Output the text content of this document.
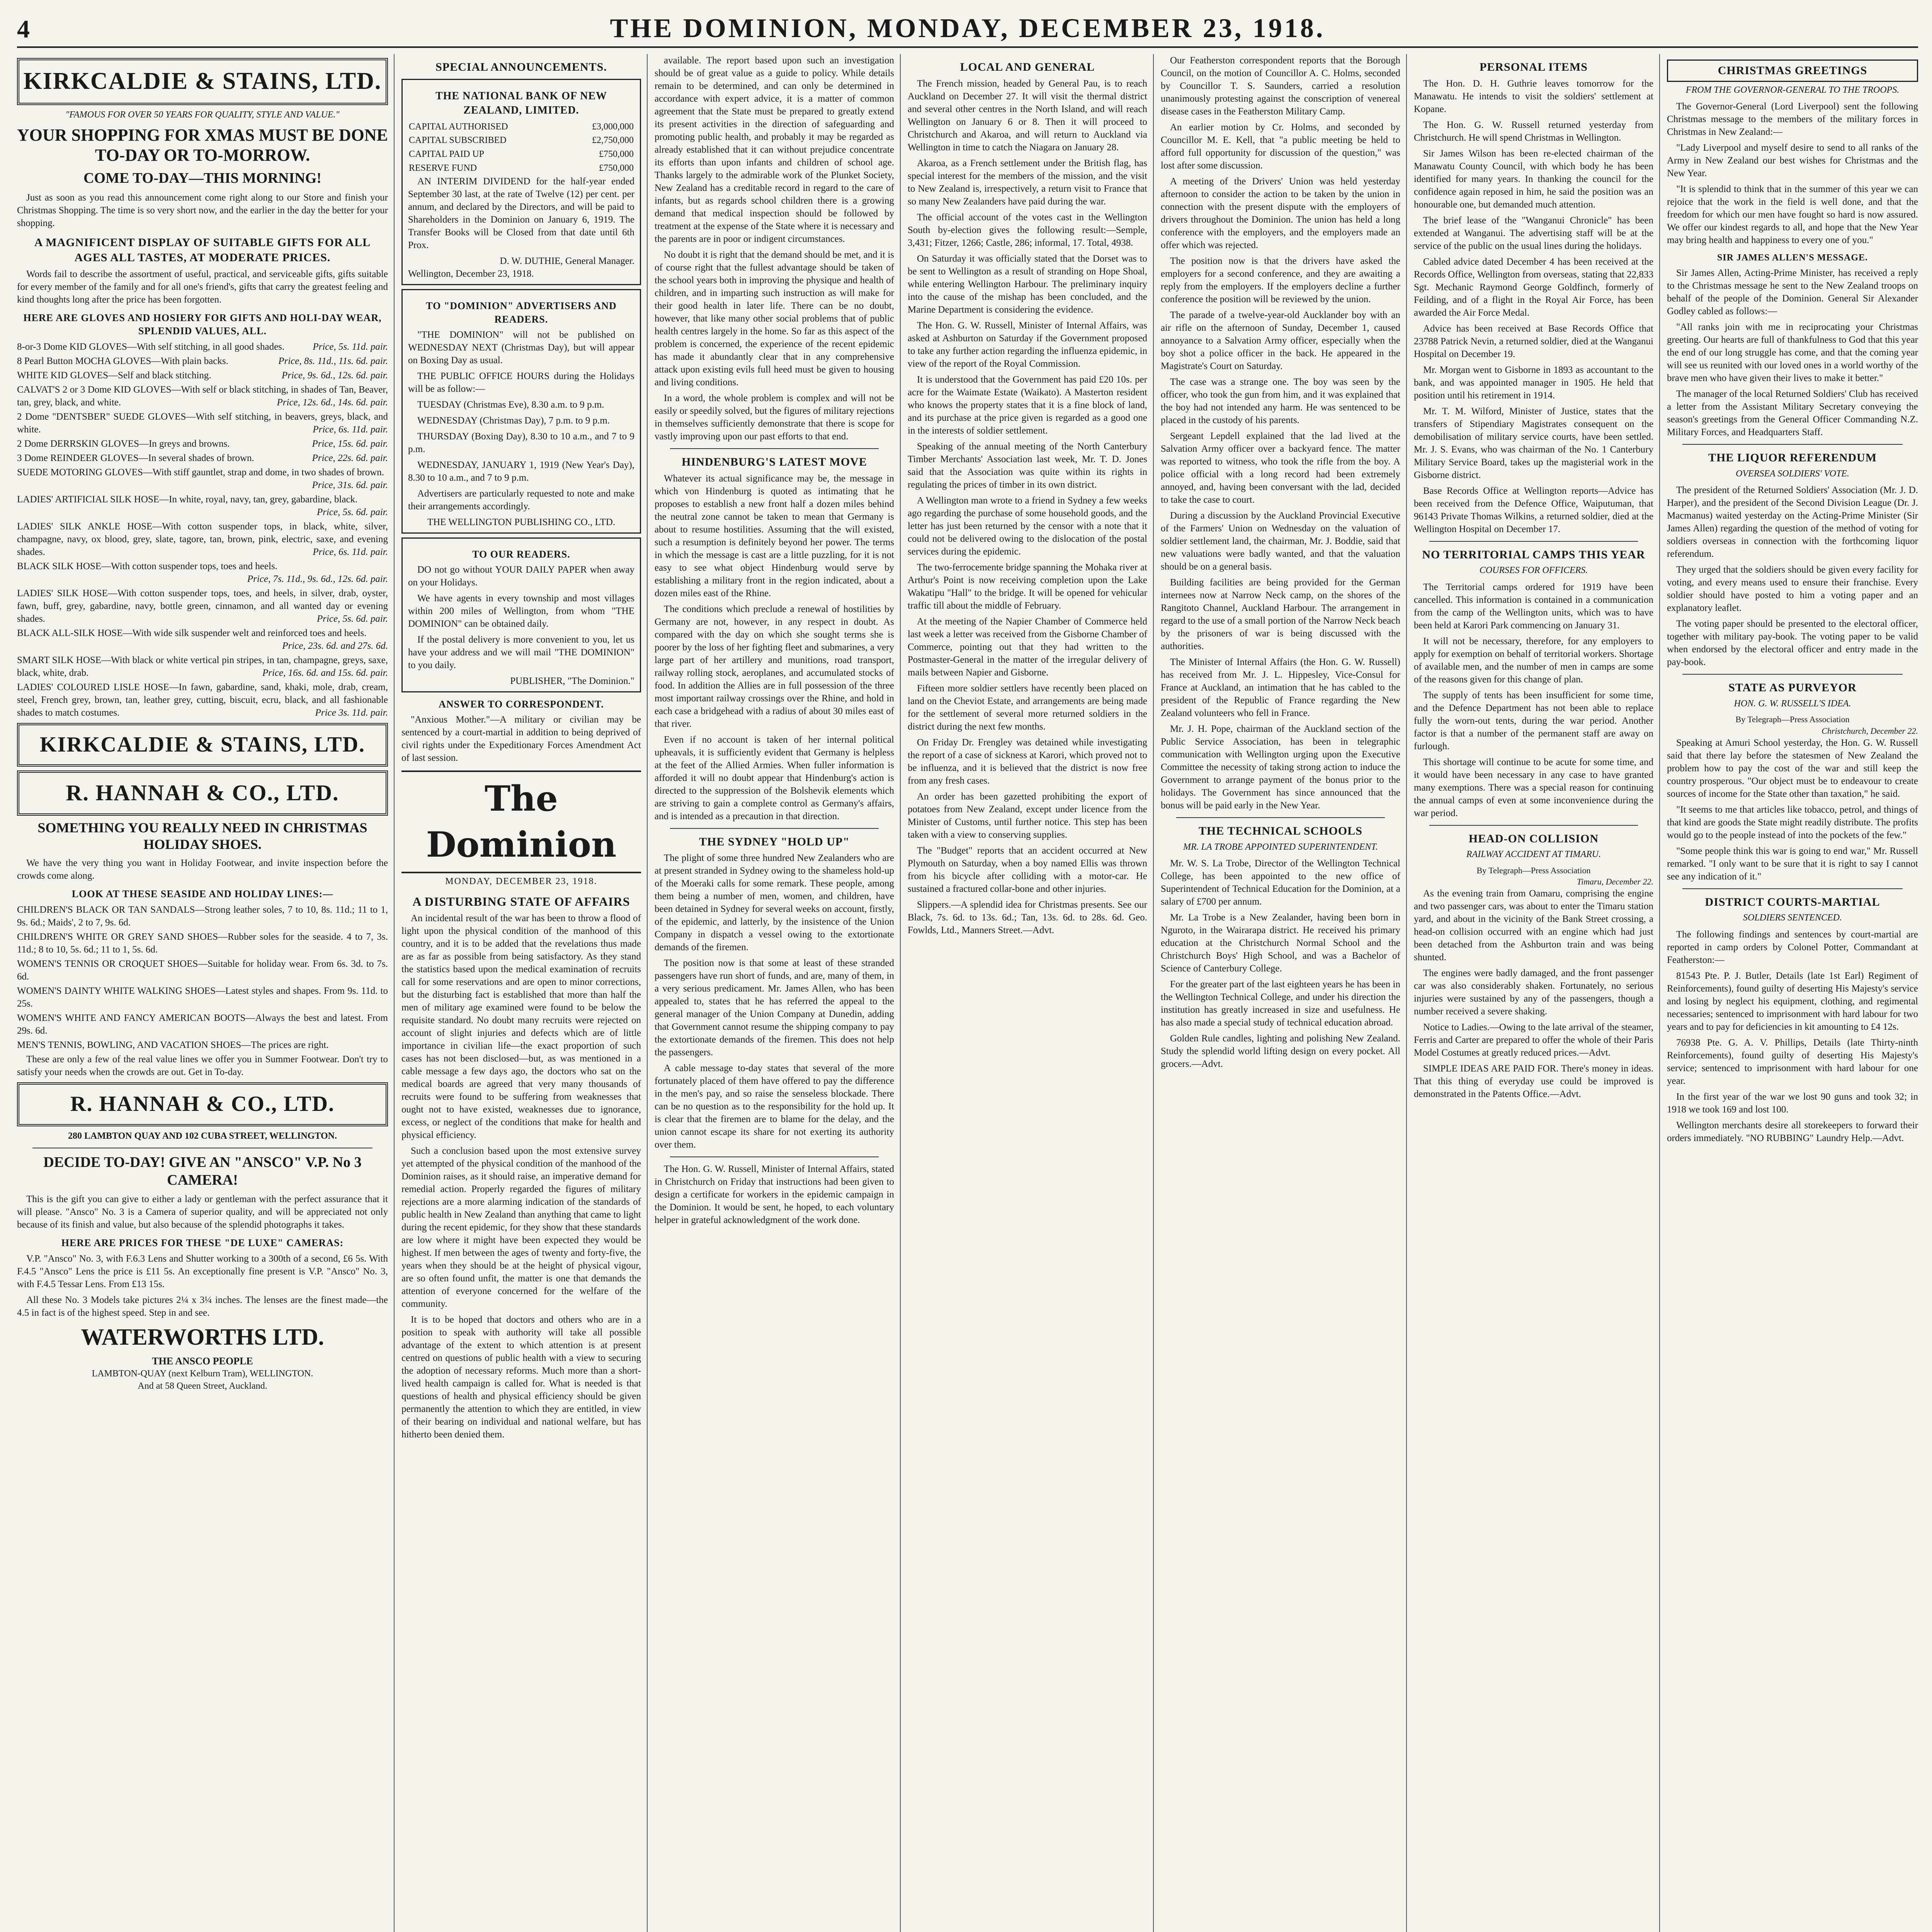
4	THE DOMINION, MONDAY, DECEMBER 23, 1918.
KIRKCALDIE & STAINS, LTD.
"FAMOUS FOR OVER 50 YEARS FOR QUALITY, STYLE AND VALUE."
YOUR SHOPPING FOR XMAS MUST BE DONE TO-DAY OR TO-MORROW.
COME TO-DAY—THIS MORNING!

Just as soon as you read this announcement come right along to our Store and finish your Christmas Shopping. The time is so very short now, and the earlier in the day the better for your shopping.

A MAGNIFICENT DISPLAY OF SUITABLE GIFTS FOR ALL AGES ALL TASTES, AT MODERATE PRICES.

Words fail to describe the assortment of useful, practical, and serviceable gifts, gifts suitable for every member of the family and for all one's friend's, gifts that carry the greatest feeling and kind thoughts long after the price has been forgotten.

HERE ARE GLOVES AND HOSIERY FOR GIFTS AND HOLI-DAY WEAR, SPLENDID VALUES, ALL.
8-or-3 Dome KID GLOVES—With self stitching, in all good shades.	Price, 5s. 11d. pair.
8 Pearl Button MOCHA GLOVES—With plain backs.	Price, 8s. 11d., 11s. 6d. pair.
WHITE KID GLOVES—Self and black stitching.	Price, 9s. 6d., 12s. 6d. pair.
CALVAT'S 2 or 3 Dome KID GLOVES—With self or black stitching, in shades of Tan, Beaver, tan, grey, black, and white.	Price, 12s. 6d., 14s. 6d. pair.
2 Dome "DENTSBER" SUEDE GLOVES—With self stitching, in beavers, greys, black, and white.	Price, 6s. 11d. pair.
2 Dome DERRSKIN GLOVES—In greys and browns.	Price, 15s. 6d. pair.
3 Dome REINDEER GLOVES—In several shades of brown.	Price, 22s. 6d. pair.
SUEDE MOTORING GLOVES—With stiff gauntlet, strap and dome, in two shades of brown.
Price, 31s. 6d. pair.
LADIES' ARTIFICIAL SILK HOSE—In white, royal, navy, tan, grey, gabardine, black.
Price, 5s. 6d. pair.
LADIES' SILK ANKLE HOSE—With cotton suspender tops, in black, white, silver, champagne, navy, ox blood, grey, slate, tagore, tan, brown, pink, electric, saxe, and evening shades.	Price, 6s. 11d. pair.
BLACK SILK HOSE—With cotton suspender tops, toes and heels.
Price, 7s. 11d., 9s. 6d., 12s. 6d. pair.
LADIES' SILK HOSE—With cotton suspender tops, toes, and heels, in silver, drab, oyster, fawn, buff, grey, gabardine, navy, bottle green, cinnamon, and all wanted day or evening shades.	Price, 5s. 6d. pair.
BLACK ALL-SILK HOSE—With wide silk suspender welt and reinforced toes and heels.
Price, 23s. 6d. and 27s. 6d.
SMART SILK HOSE—With black or white vertical pin stripes, in tan, champagne, greys, saxe, black, white, drab.	Price, 16s. 6d. and 15s. 6d. pair.
LADIES' COLOURED LISLE HOSE—In fawn, gabardine, sand, khaki, mole, drab, cream, steel, French grey, brown, tan, leather grey, cutting, biscuit, ecru, black, and all fashionable shades to match costumes.	Price 3s. 11d. pair.
KIRKCALDIE & STAINS, LTD.
R. HANNAH & CO., LTD.
SOMETHING YOU REALLY NEED IN CHRISTMAS HOLIDAY SHOES.

We have the very thing you want in Holiday Footwear, and invite inspection before the crowds come along.

LOOK AT THESE SEASIDE AND HOLIDAY LINES:—
CHILDREN'S BLACK OR TAN SANDALS—Strong leather soles, 7 to 10, 8s. 11d.; 11 to 1, 9s. 6d.; Maids', 2 to 7, 9s. 6d.
CHILDREN'S WHITE OR GREY SAND SHOES—Rubber soles for the seaside. 4 to 7, 3s. 11d.; 8 to 10, 5s. 6d.; 11 to 1, 5s. 6d.
WOMEN'S TENNIS OR CROQUET SHOES—Suitable for holiday wear. From 6s. 3d. to 7s. 6d.
WOMEN'S DAINTY WHITE WALKING SHOES—Latest styles and shapes. From 9s. 11d. to 25s.
WOMEN'S WHITE AND FANCY AMERICAN BOOTS—Always the best and latest. From 29s. 6d.
MEN'S TENNIS, BOWLING, AND VACATION SHOES—The prices are right.

These are only a few of the real value lines we offer you in Summer Footwear. Don't try to satisfy your needs when the crowds are out. Get in To-day.

R. HANNAH & CO., LTD.
280 LAMBTON QUAY AND 102 CUBA STREET, WELLINGTON.
DECIDE TO-DAY! GIVE AN "ANSCO" V.P. No 3 CAMERA!

This is the gift you can give to either a lady or gentleman with the perfect assurance that it will please. "Ansco" No. 3 is a Camera of superior quality, and will be appreciated not only because of its finish and value, but also because of the splendid photographs it takes.

HERE ARE PRICES FOR THESE "DE LUXE" CAMERAS:

V.P. "Ansco" No. 3, with F.6.3 Lens and Shutter working to a 300th of a second, £6 5s. With F.4.5 "Ansco" Lens the price is £11 5s. An exceptionally fine present is V.P. "Ansco" No. 3, with F.4.5 Tessar Lens. From £13 15s.

All these No. 3 Models take pictures 2¼ x 3¼ inches. The lenses are the finest made—the 4.5 in fact is of the highest speed. Step in and see.

WATERWORTHS LTD.
THE ANSCO PEOPLE
LAMBTON-QUAY (next Kelburn Tram), WELLINGTON.
And at 58 Queen Street, Auckland.

SPECIAL ANNOUNCEMENTS.
THE NATIONAL BANK OF NEW ZEALAND, LIMITED.
CAPITAL AUTHORISED	£3,000,000
CAPITAL SUBSCRIBED	£2,750,000
CAPITAL PAID UP	£750,000
RESERVE FUND	£750,000

AN INTERIM DIVIDEND for the half-year ended September 30 last, at the rate of Twelve (12) per cent. per annum, and declared by the Directors, and will be paid to Shareholders in the Dominion on January 6, 1919. The Transfer Books will be Closed from that date until 6th Prox.

D. W. DUTHIE, General Manager.
Wellington, December 23, 1918.
TO "DOMINION" ADVERTISERS AND READERS.

"THE DOMINION" will not be published on WEDNESDAY NEXT (Christmas Day), but will appear on Boxing Day as usual.

THE PUBLIC OFFICE HOURS during the Holidays will be as follow:—

TUESDAY (Christmas Eve), 8.30 a.m. to 9 p.m.

WEDNESDAY (Christmas Day), 7 p.m. to 9 p.m.

THURSDAY (Boxing Day), 8.30 to 10 a.m., and 7 to 9 p.m.

WEDNESDAY, JANUARY 1, 1919 (New Year's Day), 8.30 to 10 a.m., and 7 to 9 p.m.

Advertisers are particularly requested to note and make their arrangements accordingly.

THE WELLINGTON PUBLISHING CO., LTD.
TO OUR READERS.

DO not go without YOUR DAILY PAPER when away on your Holidays.

We have agents in every township and most villages within 200 miles of Wellington, from whom "THE DOMINION" can be obtained daily.

If the postal delivery is more convenient to you, let us have your address and we will mail "THE DOMINION" to you daily.

PUBLISHER, "The Dominion."
ANSWER TO CORRESPONDENT.

"Anxious Mother."—A military or civilian may be sentenced by a court-martial in addition to being deprived of civil rights under the Expeditionary Forces Amendment Act of last session.

The Dominion
MONDAY, DECEMBER 23, 1918.
A DISTURBING STATE OF AFFAIRS

An incidental result of the war has been to throw a flood of light upon the physical condition of the manhood of this country, and it is to be added that the revelations thus made are as far as possible from being satisfactory. As they stand the statistics based upon the medical examination of recruits call for some reservations and are open to minor corrections, but the disturbing fact is established that more than half the men of military age examined were found to be below the requisite standard. No doubt many recruits were rejected on account of slight injuries and defects which are of little importance in civilian life—the exact proportion of such cases has not been disclosed—but, as was mentioned in a cable message a few days ago, the doctors who sat on the medical boards are agreed that very many thousands of recruits were found to be suffering from weaknesses that ought not to have existed, weaknesses due to ignorance, excess, or neglect of the conditions that make for health and physical efficiency.

Such a conclusion based upon the most extensive survey yet attempted of the physical condition of the manhood of the Dominion raises, as it should raise, an imperative demand for remedial action. Properly regarded the figures of military rejections are a more alarming indication of the standards of public health in New Zealand than anything that came to light during the recent epidemic, for they show that these standards are low where it might have been expected they would be highest. If men between the ages of twenty and forty-five, the years when they should be at the height of physical vigour, are so often found unfit, the matter is one that demands the attention of everyone concerned for the welfare of the community.

It is to be hoped that doctors and others who are in a position to speak with authority will take all possible advantage of the extent to which attention is at present centred on questions of public health with a view to securing the adoption of necessary reforms. Much more than a short-lived health campaign is called for. What is needed is that questions of health and physical efficiency should be given permanently the attention to which they are entitled, in view of their bearing on individual and national welfare, but has hitherto been denied them.

available. The report based upon such an investigation should be of great value as a guide to policy. While details remain to be determined, and can only be determined in accordance with expert advice, it is a matter of common agreement that the State must be prepared to greatly extend its present activities in the direction of safeguarding and promoting public health, and probably it may be regarded as already established that it can without prejudice concentrate its efforts than upon infants and children of school age. Thanks largely to the admirable work of the Plunket Society, New Zealand has a creditable record in regard to the care of infants, but as regards school children there is a growing demand that medical inspection should be followed by treatment at the expense of the State where it is necessary and the parents are in poor or indigent circumstances.

No doubt it is right that the demand should be met, and it is of course right that the fullest advantage should be taken of the school years both in improving the physique and health of children, and in imparting such instruction as will make for their good health in later life. There can be no doubt, however, that like many other social problems that of public health centres largely in the home. So far as this aspect of the problem is concerned, the experience of the recent epidemic has made it abundantly clear that in any comprehensive attack upon existing evils full heed must be given to housing and living conditions.

In a word, the whole problem is complex and will not be easily or speedily solved, but the figures of military rejections in themselves sufficiently demonstrate that there is scope for vastly improving upon our past efforts to that end.

HINDENBURG'S LATEST MOVE

Whatever its actual significance may be, the message in which von Hindenburg is quoted as intimating that he proposes to establish a new front half a dozen miles behind the neutral zone cannot be taken to mean that Germany is about to resume hostilities. Assuming that the will existed, such a resumption is definitely beyond her power. The terms in which the message is cast are a little puzzling, for it is not easy to see what object Hindenburg would serve by establishing a military front in the region indicated, about a dozen miles east of the Rhine.

The conditions which preclude a renewal of hostilities by Germany are not, however, in any respect in doubt. As compared with the day on which she sought terms she is poorer by the loss of her fighting fleet and submarines, a very large part of her artillery and munitions, road transport, railway rolling stock, aeroplanes, and accumulated stocks of food. In addition the Allies are in full possession of the three most important railway crossings over the Rhine, and hold in each case a bridgehead with a radius of about 30 miles east of that river.

Even if no account is taken of her internal political upheavals, it is sufficiently evident that Germany is helpless at the feet of the Allied Armies. When fuller information is afforded it will no doubt appear that Hindenburg's action is directed to the suppression of the Bolshevik elements which are striving to gain a complete control as Germany's affairs, and is intended as a precaution in that direction.

THE SYDNEY "HOLD UP"

The plight of some three hundred New Zealanders who are at present stranded in Sydney owing to the shameless hold-up of the Moeraki calls for some remark. These people, among them being a number of men, women, and children, have been detained in Sydney for several weeks on account, firstly, of the epidemic, and latterly, by the insistence of the Union Company in dispatch a vessel owing to the extortionate demands of the firemen.

The position now is that some at least of these stranded passengers have run short of funds, and are, many of them, in a very serious predicament. Mr. James Allen, who has been appealed to, states that he has referred the appeal to the general manager of the Union Company at Dunedin, adding that Government cannot resume the shipping company to pay the extortionate demands of the firemen. This does not help the passengers.

A cable message to-day states that several of the more fortunately placed of them have offered to pay the difference in the men's pay, and so raise the senseless blockade. There can be no question as to the responsibility for the hold up. It is clear that the firemen are to blame for the delay, and the union cannot escape its share for not exerting its authority over them.

The Hon. G. W. Russell, Minister of Internal Affairs, stated in Christchurch on Friday that instructions had been given to design a certificate for workers in the epidemic campaign in the Dominion. It would be sent, he hoped, to each voluntary helper in grateful acknowledgment of the work done.

LOCAL AND GENERAL

The French mission, headed by General Pau, is to reach Auckland on December 27. It will visit the thermal district and several other centres in the North Island, and will reach Wellington on January 6 or 8. Then it will proceed to Christchurch and Akaroa, and will return to Auckland via Wellington in time to catch the Niagara on January 28.

Akaroa, as a French settlement under the British flag, has special interest for the members of the mission, and the visit to New Zealand is, irrespectively, a return visit to France that so many New Zealanders have paid during the war.

The official account of the votes cast in the Wellington South by-election gives the following result:—Semple, 3,431; Fitzer, 1266; Castle, 286; informal, 17. Total, 4938.

On Saturday it was officially stated that the Dorset was to be sent to Wellington as a result of stranding on Hope Shoal, while entering Wellington Harbour. The preliminary inquiry into the cause of the mishap has been concluded, and the Marine Department is considering the evidence.

The Hon. G. W. Russell, Minister of Internal Affairs, was asked at Ashburton on Saturday if the Government proposed to take any further action regarding the influenza epidemic, in view of the report of the Royal Commission.

It is understood that the Government has paid £20 10s. per acre for the Waimate Estate (Waikato). A Masterton resident who knows the property states that it is a fine block of land, and its purchase at the price given is regarded as a good one in the interests of soldier settlement.

Speaking of the annual meeting of the North Canterbury Timber Merchants' Association last week, Mr. T. D. Jones said that the Association was quite within its rights in regulating the prices of timber in its own district.

A Wellington man wrote to a friend in Sydney a few weeks ago regarding the purchase of some household goods, and the letter has just been returned by the censor with a note that it could not be delivered owing to the dislocation of the postal services during the epidemic.

The two-ferrocemente bridge spanning the Mohaka river at Arthur's Point is now receiving completion upon the Lake Wakatipu "Hall" to the bridge. It will be opened for vehicular traffic till about the middle of February.

At the meeting of the Napier Chamber of Commerce held last week a letter was received from the Gisborne Chamber of Commerce, pointing out that they had written to the Postmaster-General in the matter of the irregular delivery of mails between Napier and Gisborne.

Fifteen more soldier settlers have recently been placed on land on the Cheviot Estate, and arrangements are being made for the settlement of several more returned soldiers in the district during the next few months.

On Friday Dr. Frengley was detained while investigating the report of a case of sickness at Karori, which proved not to be influenza, and it is believed that the district is now free from any fresh cases.

An order has been gazetted prohibiting the export of potatoes from New Zealand, except under licence from the Minister of Customs, until further notice. This step has been taken with a view to conserving supplies.

The "Budget" reports that an accident occurred at New Plymouth on Saturday, when a boy named Ellis was thrown from his bicycle after colliding with a motor-car. He sustained a fractured collar-bone and other injuries.

Slippers.—A splendid idea for Christmas presents. See our Black, 7s. 6d. to 13s. 6d.; Tan, 13s. 6d. to 28s. 6d. Geo. Fowlds, Ltd., Manners Street.—Advt.

Our Featherston correspondent reports that the Borough Council, on the motion of Councillor A. C. Holms, seconded by Councillor T. S. Saunders, carried a resolution unanimously protesting against the conscription of venereal disease cases in the Featherston Military Camp.

An earlier motion by Cr. Holms, and seconded by Councillor M. E. Kell, that "a public meeting be held to afford full opportunity for discussion of the question," was lost after some discussion.

A meeting of the Drivers' Union was held yesterday afternoon to consider the action to be taken by the union in connection with the present dispute with the employers of drivers throughout the Dominion. The union has held a long conference with the employers, and the employers made an offer which was rejected.

The position now is that the drivers have asked the employers for a second conference, and they are awaiting a reply from the employers. If the employers decline a further conference the position will be reviewed by the union.

The parade of a twelve-year-old Aucklander boy with an air rifle on the afternoon of Sunday, December 1, caused annoyance to a Salvation Army officer, especially when the boy shot a police officer in the back. He appeared in the Magistrate's Court on Saturday.

The case was a strange one. The boy was seen by the officer, who took the gun from him, and it was explained that the boy had not intended any harm. He was sentenced to be placed in the custody of his parents.

Sergeant Lepdell explained that the lad lived at the Salvation Army officer over a backyard fence. The matter was reported to witness, who took the rifle from the boy. A police official with a long record had been extremely annoyed, and, having been conversant with the lad, decided to take the case to court.

During a discussion by the Auckland Provincial Executive of the Farmers' Union on Wednesday on the valuation of soldier settlement land, the chairman, Mr. J. Boddie, said that new valuations were badly wanted, and that the valuation should be on a general basis.

Building facilities are being provided for the German internees now at Narrow Neck camp, on the shores of the Rangitoto Channel, Auckland Harbour. The arrangement in regard to the use of a small portion of the Narrow Neck beach by the prisoners of war is being discussed with the authorities.

The Minister of Internal Affairs (the Hon. G. W. Russell) has received from Mr. J. L. Hippesley, Vice-Consul for France at Auckland, an intimation that he has cabled to the president of the Republic of France regarding the New Zealand volunteers who fell in France.

Mr. J. H. Pope, chairman of the Auckland section of the Public Service Association, has been in telegraphic communication with Wellington urging upon the Executive Committee the necessity of taking strong action to induce the Government to arrange payment of the bonus prior to the holidays. The Government has since announced that the bonus will be paid early in the New Year.

THE TECHNICAL SCHOOLS
MR. LA TROBE APPOINTED SUPERINTENDENT.

Mr. W. S. La Trobe, Director of the Wellington Technical College, has been appointed to the new office of Superintendent of Technical Education for the Dominion, at a salary of £700 per annum.

Mr. La Trobe is a New Zealander, having been born in Nguroto, in the Wairarapa district. He received his primary education at the Christchurch Normal School and the Christchurch Boys' High School, and was a Bachelor of Science of Canterbury College.

For the greater part of the last eighteen years he has been in the Wellington Technical College, and under his direction the institution has greatly increased in size and usefulness. He has also made a special study of technical education abroad.

Golden Rule candles, lighting and polishing New Zealand. Study the splendid world lifting design on every pocket. All grocers.—Advt.

PERSONAL ITEMS

The Hon. D. H. Guthrie leaves tomorrow for the Manawatu. He intends to visit the soldiers' settlement at Kopane.

The Hon. G. W. Russell returned yesterday from Christchurch. He will spend Christmas in Wellington.

Sir James Wilson has been re-elected chairman of the Manawatu County Council, with which body he has been identified for many years. In thanking the council for the confidence again reposed in him, he said the position was an honourable one, but demanded much attention.

The brief lease of the "Wanganui Chronicle" has been extended at Wanganui. The advertising staff will be at the service of the public on the usual lines during the holidays.

Cabled advice dated December 4 has been received at the Records Office, Wellington from overseas, stating that 22,833 Sgt. Mechanic Raymond George Goldfinch, formerly of Feilding, and of a flight in the Royal Air Force, has been awarded the Air Force Medal.

Advice has been received at Base Records Office that 23788 Patrick Nevin, a returned soldier, died at the Wanganui Hospital on December 19.

Mr. Morgan went to Gisborne in 1893 as accountant to the bank, and was appointed manager in 1905. He held that position until his retirement in 1914.

Mr. T. M. Wilford, Minister of Justice, states that the transfers of Stipendiary Magistrates consequent on the demobilisation of military service courts, have been settled. Mr. J. S. Evans, who was chairman of the No. 1 Canterbury Military Service Board, takes up the magisterial work in the Gisborne district.

Base Records Office at Wellington reports—Advice has been received from the Defence Office, Waiputuman, that 96143 Private Thomas Wilkins, a returned soldier, died at the Wellington Hospital on December 17.

NO TERRITORIAL CAMPS THIS YEAR
COURSES FOR OFFICERS.

The Territorial camps ordered for 1919 have been cancelled. This information is contained in a communication from the camp of the Wellington units, which was to have been held at Karori Park commencing on January 31.

It will not be necessary, therefore, for any employers to apply for exemption on behalf of territorial workers. Shortage of available men, and the number of men in camps are some of the reasons given for this change of plan.

The supply of tents has been insufficient for some time, and the Defence Department has not been able to replace fully the worn-out tents, during the war period. Another factor is that a number of the permanent staff are away on furlough.

This shortage will continue to be acute for some time, and it would have been necessary in any case to have granted many exemptions. There was a special reason for continuing the annual camps of even at some inconvenience during the war period.

HEAD-ON COLLISION
RAILWAY ACCIDENT AT TIMARU.
By Telegraph—Press Association
Timaru, December 22.

As the evening train from Oamaru, comprising the engine and two passenger cars, was about to enter the Timaru station yard, and about in the vicinity of the Bank Street crossing, a head-on collision occurred with an engine which had just been detached from the Ashburton train and was being shunted.

The engines were badly damaged, and the front passenger car was also considerably shaken. Fortunately, no serious injuries were sustained by any of the passengers, though a number received a severe shaking.

Notice to Ladies.—Owing to the late arrival of the steamer, Ferris and Carter are prepared to offer the whole of their Paris Model Costumes at greatly reduced prices.—Advt.

SIMPLE IDEAS ARE PAID FOR. There's money in ideas. That this thing of everyday use could be improved is demonstrated in the Patents Office.—Advt.

CHRISTMAS GREETINGS
FROM THE GOVERNOR-GENERAL TO THE TROOPS.

The Governor-General (Lord Liverpool) sent the following Christmas message to the members of the military forces in Christmas in New Zealand:—

"Lady Liverpool and myself desire to send to all ranks of the Army in New Zealand our best wishes for Christmas and the New Year.

"It is splendid to think that in the summer of this year we can rejoice that the work in the field is well done, and that the freedom for which our men have fought so hard is now assured. We offer our kindest regards to all, and hope that the New Year may bring health and happiness to every one of you."

SIR JAMES ALLEN'S MESSAGE.

Sir James Allen, Acting-Prime Minister, has received a reply to the Christmas message he sent to the New Zealand troops on behalf of the people of the Dominion. General Sir Alexander Godley cabled as follows:—

"All ranks join with me in reciprocating your Christmas greeting. Our hearts are full of thankfulness to God that this year the end of our long struggle has come, and that the coming year will see us reunited with our loved ones in a world worthy of the brave men who have given their lives to make it better."

The manager of the local Returned Soldiers' Club has received a letter from the Assistant Military Secretary conveying the season's greetings from the General Officer Commanding N.Z. Military Forces, and Headquarters Staff.

THE LIQUOR REFERENDUM
OVERSEA SOLDIERS' VOTE.

The president of the Returned Soldiers' Association (Mr. J. D. Harper), and the president of the Second Division League (Dr. J. Macmanus) waited yesterday on the Acting-Prime Minister (Sir James Allen) regarding the question of the method of voting for soldiers overseas in connection with the forthcoming liquor referendum.

They urged that the soldiers should be given every facility for voting, and every means used to ensure their franchise. Every soldier should have posted to him a voting paper and an explanatory leaflet.

The voting paper should be presented to the electoral officer, together with military pay-book. The voting paper to be valid when endorsed by the electoral officer and entry made in the pay-book.

STATE AS PURVEYOR
HON. G. W. RUSSELL'S IDEA.
By Telegraph—Press Association
Christchurch, December 22.

Speaking at Amuri School yesterday, the Hon. G. W. Russell said that there lay before the statesmen of New Zealand the problem how to pay the cost of the war and still keep the country prosperous. "Our object must be to endeavour to create sources of income for the State other than taxation," he said.

"It seems to me that articles like tobacco, petrol, and things of that kind are goods the State might readily distribute. The profits would go to the people instead of into the pockets of the few."

"Some people think this war is going to end war," Mr. Russell remarked. "I only want to be sure that it is right to say I cannot see any indication of it."

DISTRICT COURTS-MARTIAL
SOLDIERS SENTENCED.

The following findings and sentences by court-martial are reported in camp orders by Colonel Potter, Commandant at Featherston:—

81543 Pte. P. J. Butler, Details (late 1st Earl) Regiment of Reinforcements), found guilty of deserting His Majesty's service and losing by neglect his equipment, clothing, and regimental necessaries; sentenced to imprisonment with hard labour for two years and to pay for deficiencies in kit amounting to £4 12s.

76938 Pte. G. A. V. Phillips, Details (late Thirty-ninth Reinforcements), found guilty of deserting His Majesty's service; sentenced to imprisonment with hard labour for one year.

In the first year of the war we lost 90 guns and took 32; in 1918 we took 169 and lost 100.

Wellington merchants desire all storekeepers to forward their orders immediately. "NO RUBBING" Laundry Help.—Advt.
